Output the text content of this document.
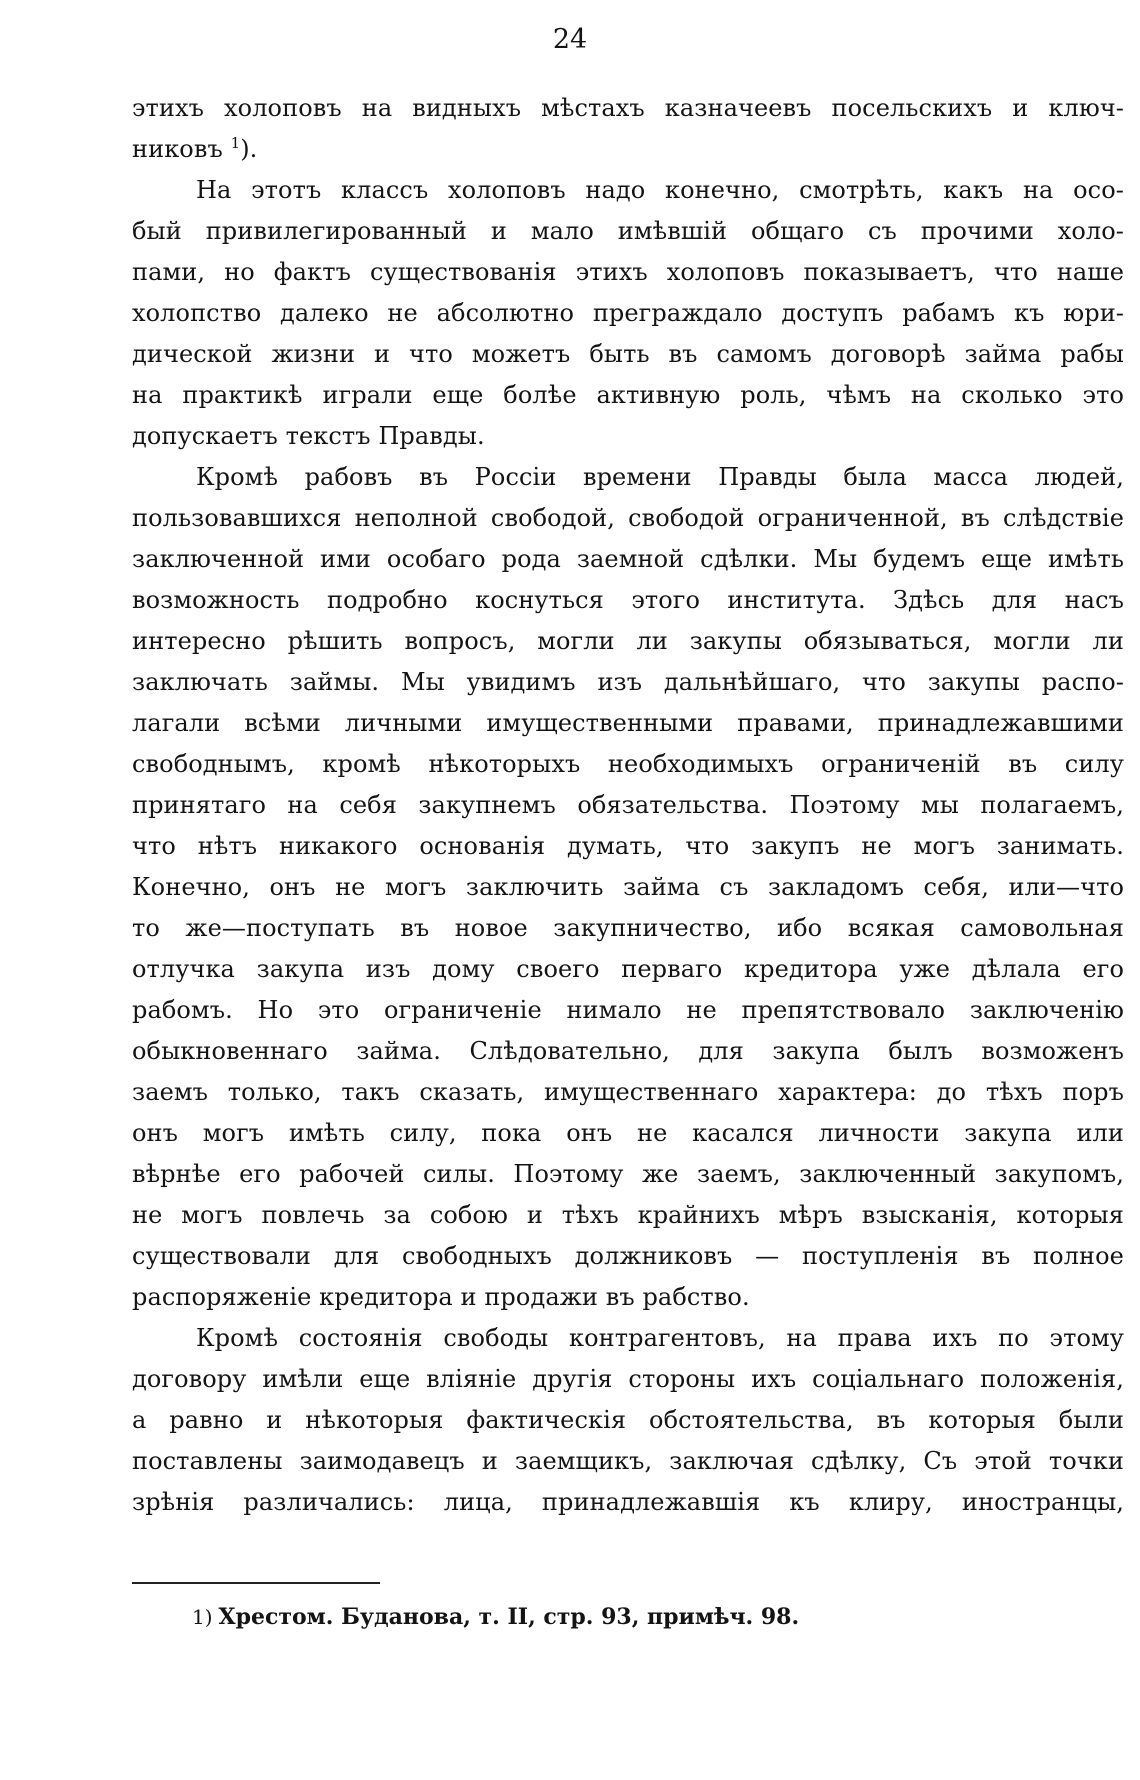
24
этихъ холоповъ на видныхъ мѣстахъ казначеевъ посельскихъ и ключ-
никовъ $^1$).
На этотъ классъ холоповъ надо конечно, смотрѣть, какъ на осо-
бый привилегированный и мало имѣвшій общаго съ прочими холо-
пами, но фактъ существованія этихъ холоповъ показываетъ, что наше
холопство далеко не абсолютно преграждало доступъ рабамъ къ юри-
дической жизни и что можетъ быть въ самомъ договорѣ займа рабы
на практикѣ играли еще болѣе активную роль, чѣмъ на сколько это
допускаетъ текстъ Правды.
Кромѣ рабовъ въ Россіи времени Правды была масса людей,
пользовавшихся неполной свободой, свободой ограниченной, въ слѣдствіе
заключенной ими особаго рода заемной сдѣлки. Мы будемъ еще имѣть
возможность подробно коснуться этого института. Здѣсь для насъ
интересно рѣшить вопросъ, могли ли закупы обязываться, могли ли
заключать займы. Мы увидимъ изъ дальнѣйшаго, что закупы распо-
лагали всѣми личными имущественными правами, принадлежавшими
свободнымъ, кромѣ нѣкоторыхъ необходимыхъ ограниченій въ силу
принятаго на себя закупнемъ обязательства. Поэтому мы полагаемъ,
что нѣтъ никакого основанія думать, что закупъ не могъ занимать.
Конечно, онъ не могъ заключить займа съ закладомъ себя, или—что
то же—поступать въ новое закупничество, ибо всякая самовольная
отлучка закупа изъ дому своего перваго кредитора уже дѣлала его
рабомъ. Но это ограниченіе нимало не препятствовало заключенію
обыкновеннаго займа. Слѣдовательно, для закупа былъ возможенъ
заемъ только, такъ сказать, имущественнаго характера: до тѣхъ поръ
онъ могъ имѣть силу, пока онъ не касался личности закупа или
вѣрнѣе его рабочей силы. Поэтому же заемъ, заключенный закупомъ,
не могъ повлечь за собою и тѣхъ крайнихъ мѣръ взысканія, которыя
существовали для свободныхъ должниковъ — поступленія въ полное
распоряженіе кредитора и продажи въ рабство.
Кромѣ состоянія свободы контрагентовъ, на права ихъ по этому
договору имѣли еще вліяніе другія стороны ихъ соціальнаго положенія,
а равно и нѣкоторыя фактическія обстоятельства, въ которыя были
поставлены заимодавецъ и заемщикъ, заключая сдѣлку, Съ этой точки
зрѣнія различались: лица, принадлежавшія къ клиру, иностранцы,
1) Хрестом. Буданова, т. II, стр. 93, примѣч. 98.
